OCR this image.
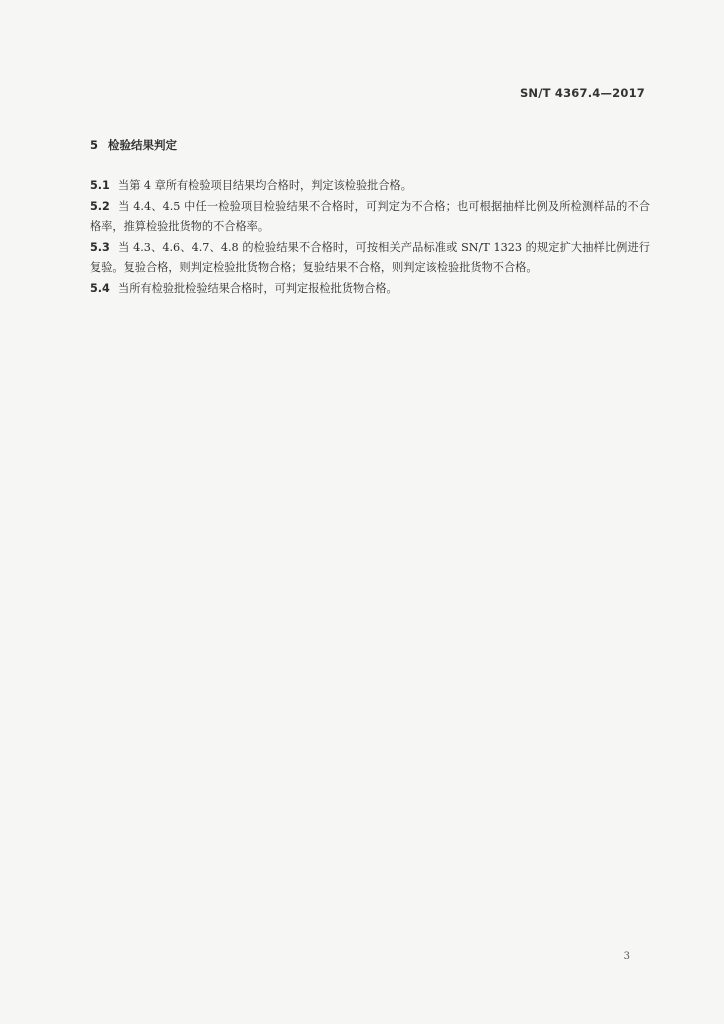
SN/T 4367.4—2017
5 检验结果判定

5.1 当第 4 章所有检验项目结果均合格时，判定该检验批合格。

5.2 当 4.4、4.5 中任一检验项目检验结果不合格时，可判定为不合格；也可根据抽样比例及所检测样品的不合格率，推算检验批货物的不合格率。

5.3 当 4.3、4.6、4.7、4.8 的检验结果不合格时，可按相关产品标准或 SN/T 1323 的规定扩大抽样比例进行复验。复验合格，则判定检验批货物合格；复验结果不合格，则判定该检验批货物不合格。

5.4 当所有检验批检验结果合格时，可判定报检批货物合格。

3
